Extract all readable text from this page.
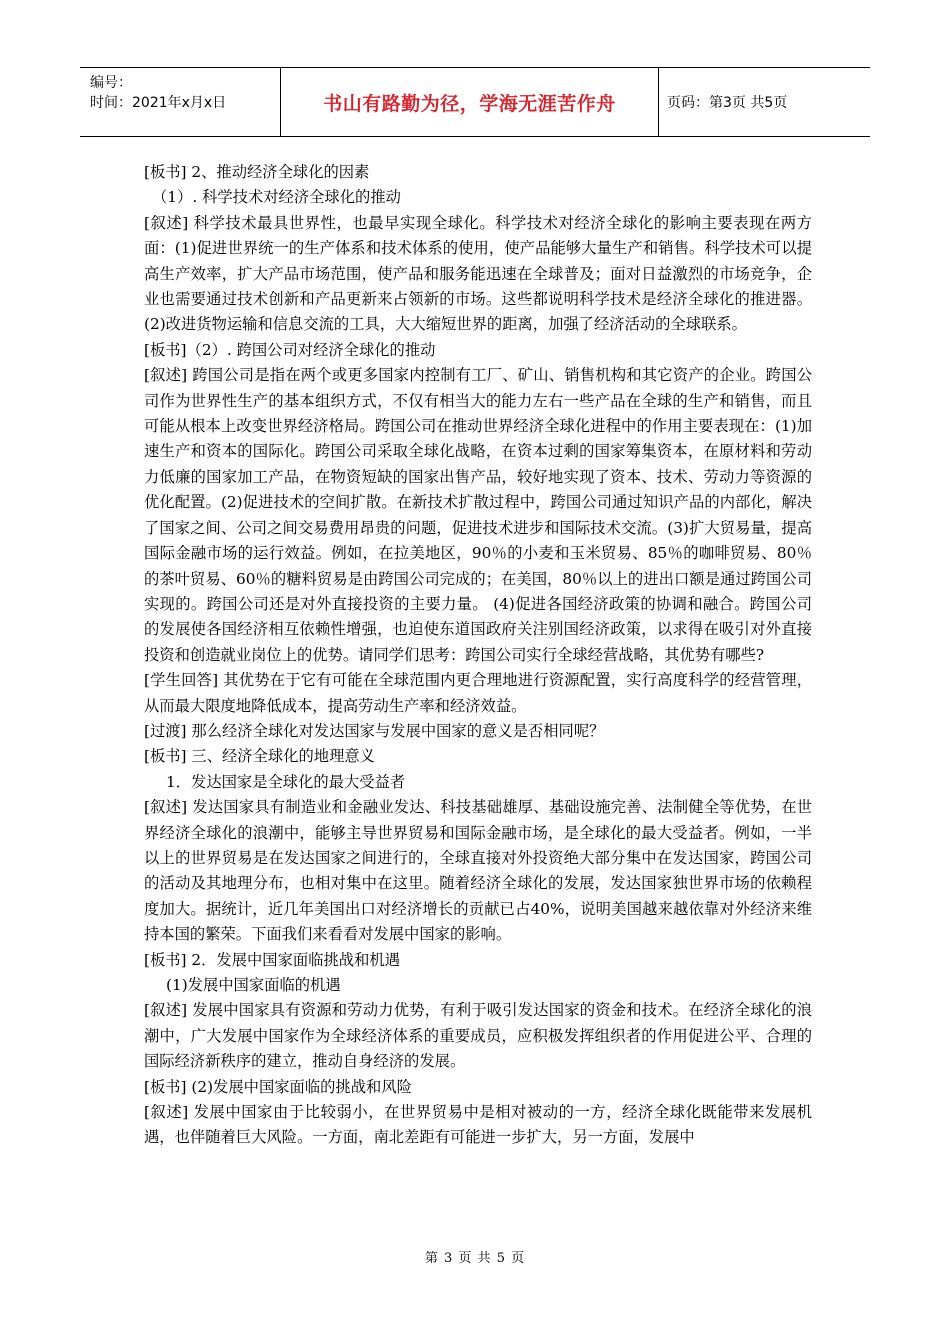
编号：
时间：2021年x月x日	书山有路勤为径，学海无涯苦作舟	页码：第3页 共5页

[板书] 2、推动经济全球化的因素

（1）. 科学技术对经济全球化的推动

[叙述] 科学技术最具世界性，也最早实现全球化。科学技术对经济全球化的影响主要表现在两方面：(1)促进世界统一的生产体系和技术体系的使用，使产品能够大量生产和销售。科学技术可以提高生产效率，扩大产品市场范围，使产品和服务能迅速在全球普及；面对日益激烈的市场竞争，企业也需要通过技术创新和产品更新来占领新的市场。这些都说明科学技术是经济全球化的推进器。(2)改进货物运输和信息交流的工具，大大缩短世界的距离，加强了经济活动的全球联系。

[板书]（2）. 跨国公司对经济全球化的推动

[叙述] 跨国公司是指在两个或更多国家内控制有工厂、矿山、销售机构和其它资产的企业。跨国公司作为世界性生产的基本组织方式，不仅有相当大的能力左右一些产品在全球的生产和销售，而且可能从根本上改变世界经济格局。跨国公司在推动世界经济全球化进程中的作用主要表现在：(1)加速生产和资本的国际化。跨国公司采取全球化战略，在资本过剩的国家筹集资本，在原材料和劳动力低廉的国家加工产品，在物资短缺的国家出售产品，较好地实现了资本、技术、劳动力等资源的优化配置。(2)促进技术的空间扩散。在新技术扩散过程中，跨国公司通过知识产品的内部化，解决了国家之间、公司之间交易费用昂贵的问题，促进技术进步和国际技术交流。(3)扩大贸易量，提高国际金融市场的运行效益。例如，在拉美地区，90％的小麦和玉米贸易、85％的咖啡贸易、80％的茶叶贸易、60％的糖料贸易是由跨国公司完成的；在美国，80％以上的进出口额是通过跨国公司实现的。跨国公司还是对外直接投资的主要力量。 (4)促进各国经济政策的协调和融合。跨国公司的发展使各国经济相互依赖性增强，也迫使东道国政府关注别国经济政策，以求得在吸引对外直接投资和创造就业岗位上的优势。请同学们思考：跨国公司实行全球经营战略，其优势有哪些?

[学生回答] 其优势在于它有可能在全球范围内更合理地进行资源配置，实行高度科学的经营管理，从而最大限度地降低成本，提高劳动生产率和经济效益。

[过渡] 那么经济全球化对发达国家与发展中国家的意义是否相同呢？

[板书] 三、经济全球化的地理意义

1．发达国家是全球化的最大受益者

[叙述] 发达国家具有制造业和金融业发达、科技基础雄厚、基础设施完善、法制健全等优势，在世界经济全球化的浪潮中，能够主导世界贸易和国际金融市场，是全球化的最大受益者。例如，一半以上的世界贸易是在发达国家之间进行的，全球直接对外投资绝大部分集中在发达国家，跨国公司的活动及其地理分布，也相对集中在这里。随着经济全球化的发展，发达国家独世界市场的依赖程度加大。据统计，近几年美国出口对经济增长的贡献已占40%，说明美国越来越依靠对外经济来维持本国的繁荣。下面我们来看看对发展中国家的影响。

[板书] 2．发展中国家面临挑战和机遇

(1)发展中国家面临的机遇

[叙述] 发展中国家具有资源和劳动力优势，有利于吸引发达国家的资金和技术。在经济全球化的浪潮中，广大发展中国家作为全球经济体系的重要成员，应积极发挥组织者的作用促进公平、合理的国际经济新秩序的建立，推动自身经济的发展。

[板书] (2)发展中国家面临的挑战和风险

[叙述] 发展中国家由于比较弱小，在世界贸易中是相对被动的一方，经济全球化既能带来发展机遇，也伴随着巨大风险。一方面，南北差距有可能进一步扩大，另一方面，发展中

第 3 页 共 5 页
